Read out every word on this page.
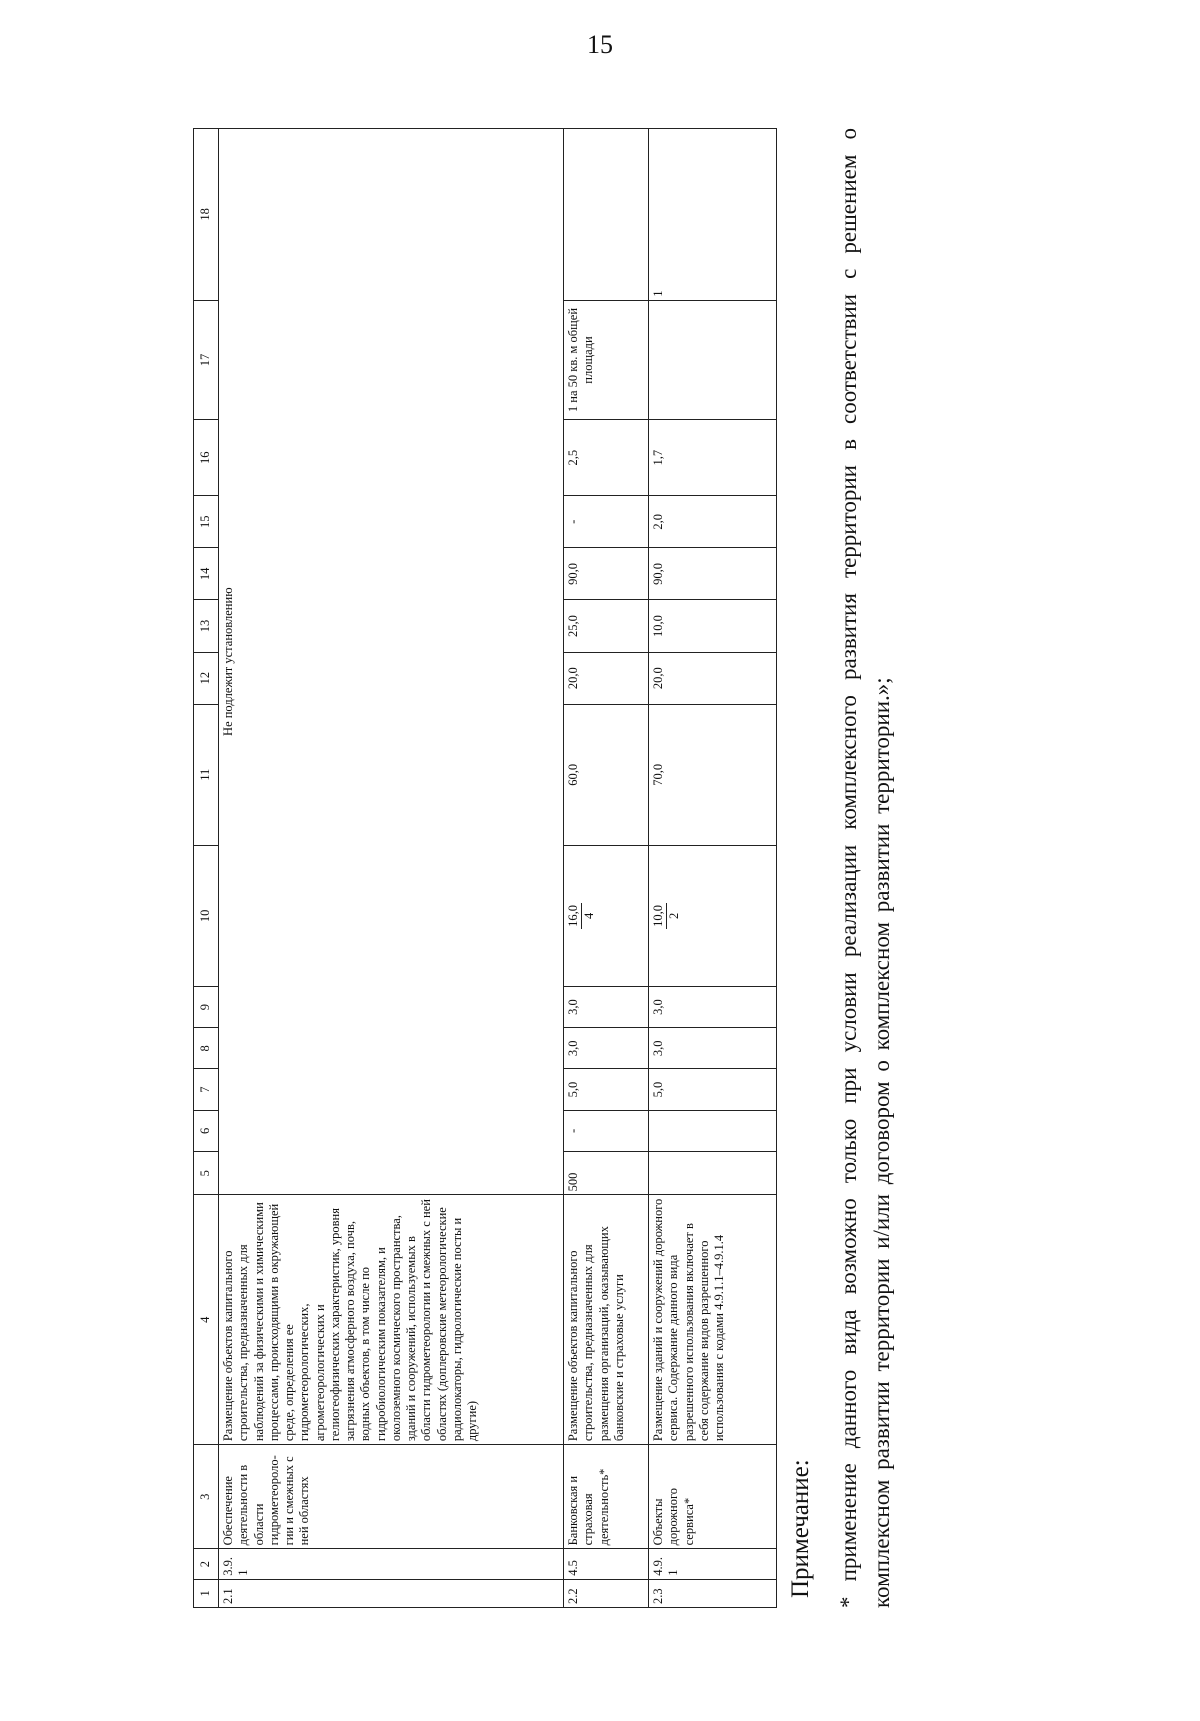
15
1	2	3	4	5	6	7	8	9	10	11	12	13	14	15	16	17	18
2.1	3.9.1	Обеспечение деятельности в области гидрометеороло-гии и смежных с ней областях	Размещение объектов капитального строительства, предназначенных для наблюдений за физическими и химическими процессами, происходящими в окружающей среде, определения ее гидрометеорологических, агрометеорологических и гелиогеофизических характеристик, уровня загрязнения атмосферного воздуха, почв, водных объектов, в том числе по гидробиологическим показателям, и околоземного космического пространства, зданий и сооружений, используемых в области гидрометеорологии и смежных с ней областях (доплеровские метеорологические радиолокаторы, гидрологические посты и другие)	Не подлежит установлению													
2.2	4.5	Банковская и страховая деятельность*	Размещение объектов капитального строительства, предназначенных для размещения организаций, оказывающих банковские и страховые услуги	500	-	5,0	3,0	3,0	16,0 4	60,0	20,0	25,0	90,0	-	2,5	1 на 50 кв. м общей площади	
2.3	4.9.1	Объекты дорожного сервиса*	Размещение зданий и сооружений дорожного сервиса. Содержание данного вида разрешенного использования включает в себя содержание видов разрешенного использования с кодами 4.9.1.1–4.9.1.4			5,0	3,0	3,0	10,0 2	70,0	20,0	10,0	90,0	2,0	1,7		1
Примечание: * применение данного вида возможно только при условии реализации комплексного развития территории в соответствии с решением о комплексном развитии территории и/или договором о комплексном развитии территории.»;
